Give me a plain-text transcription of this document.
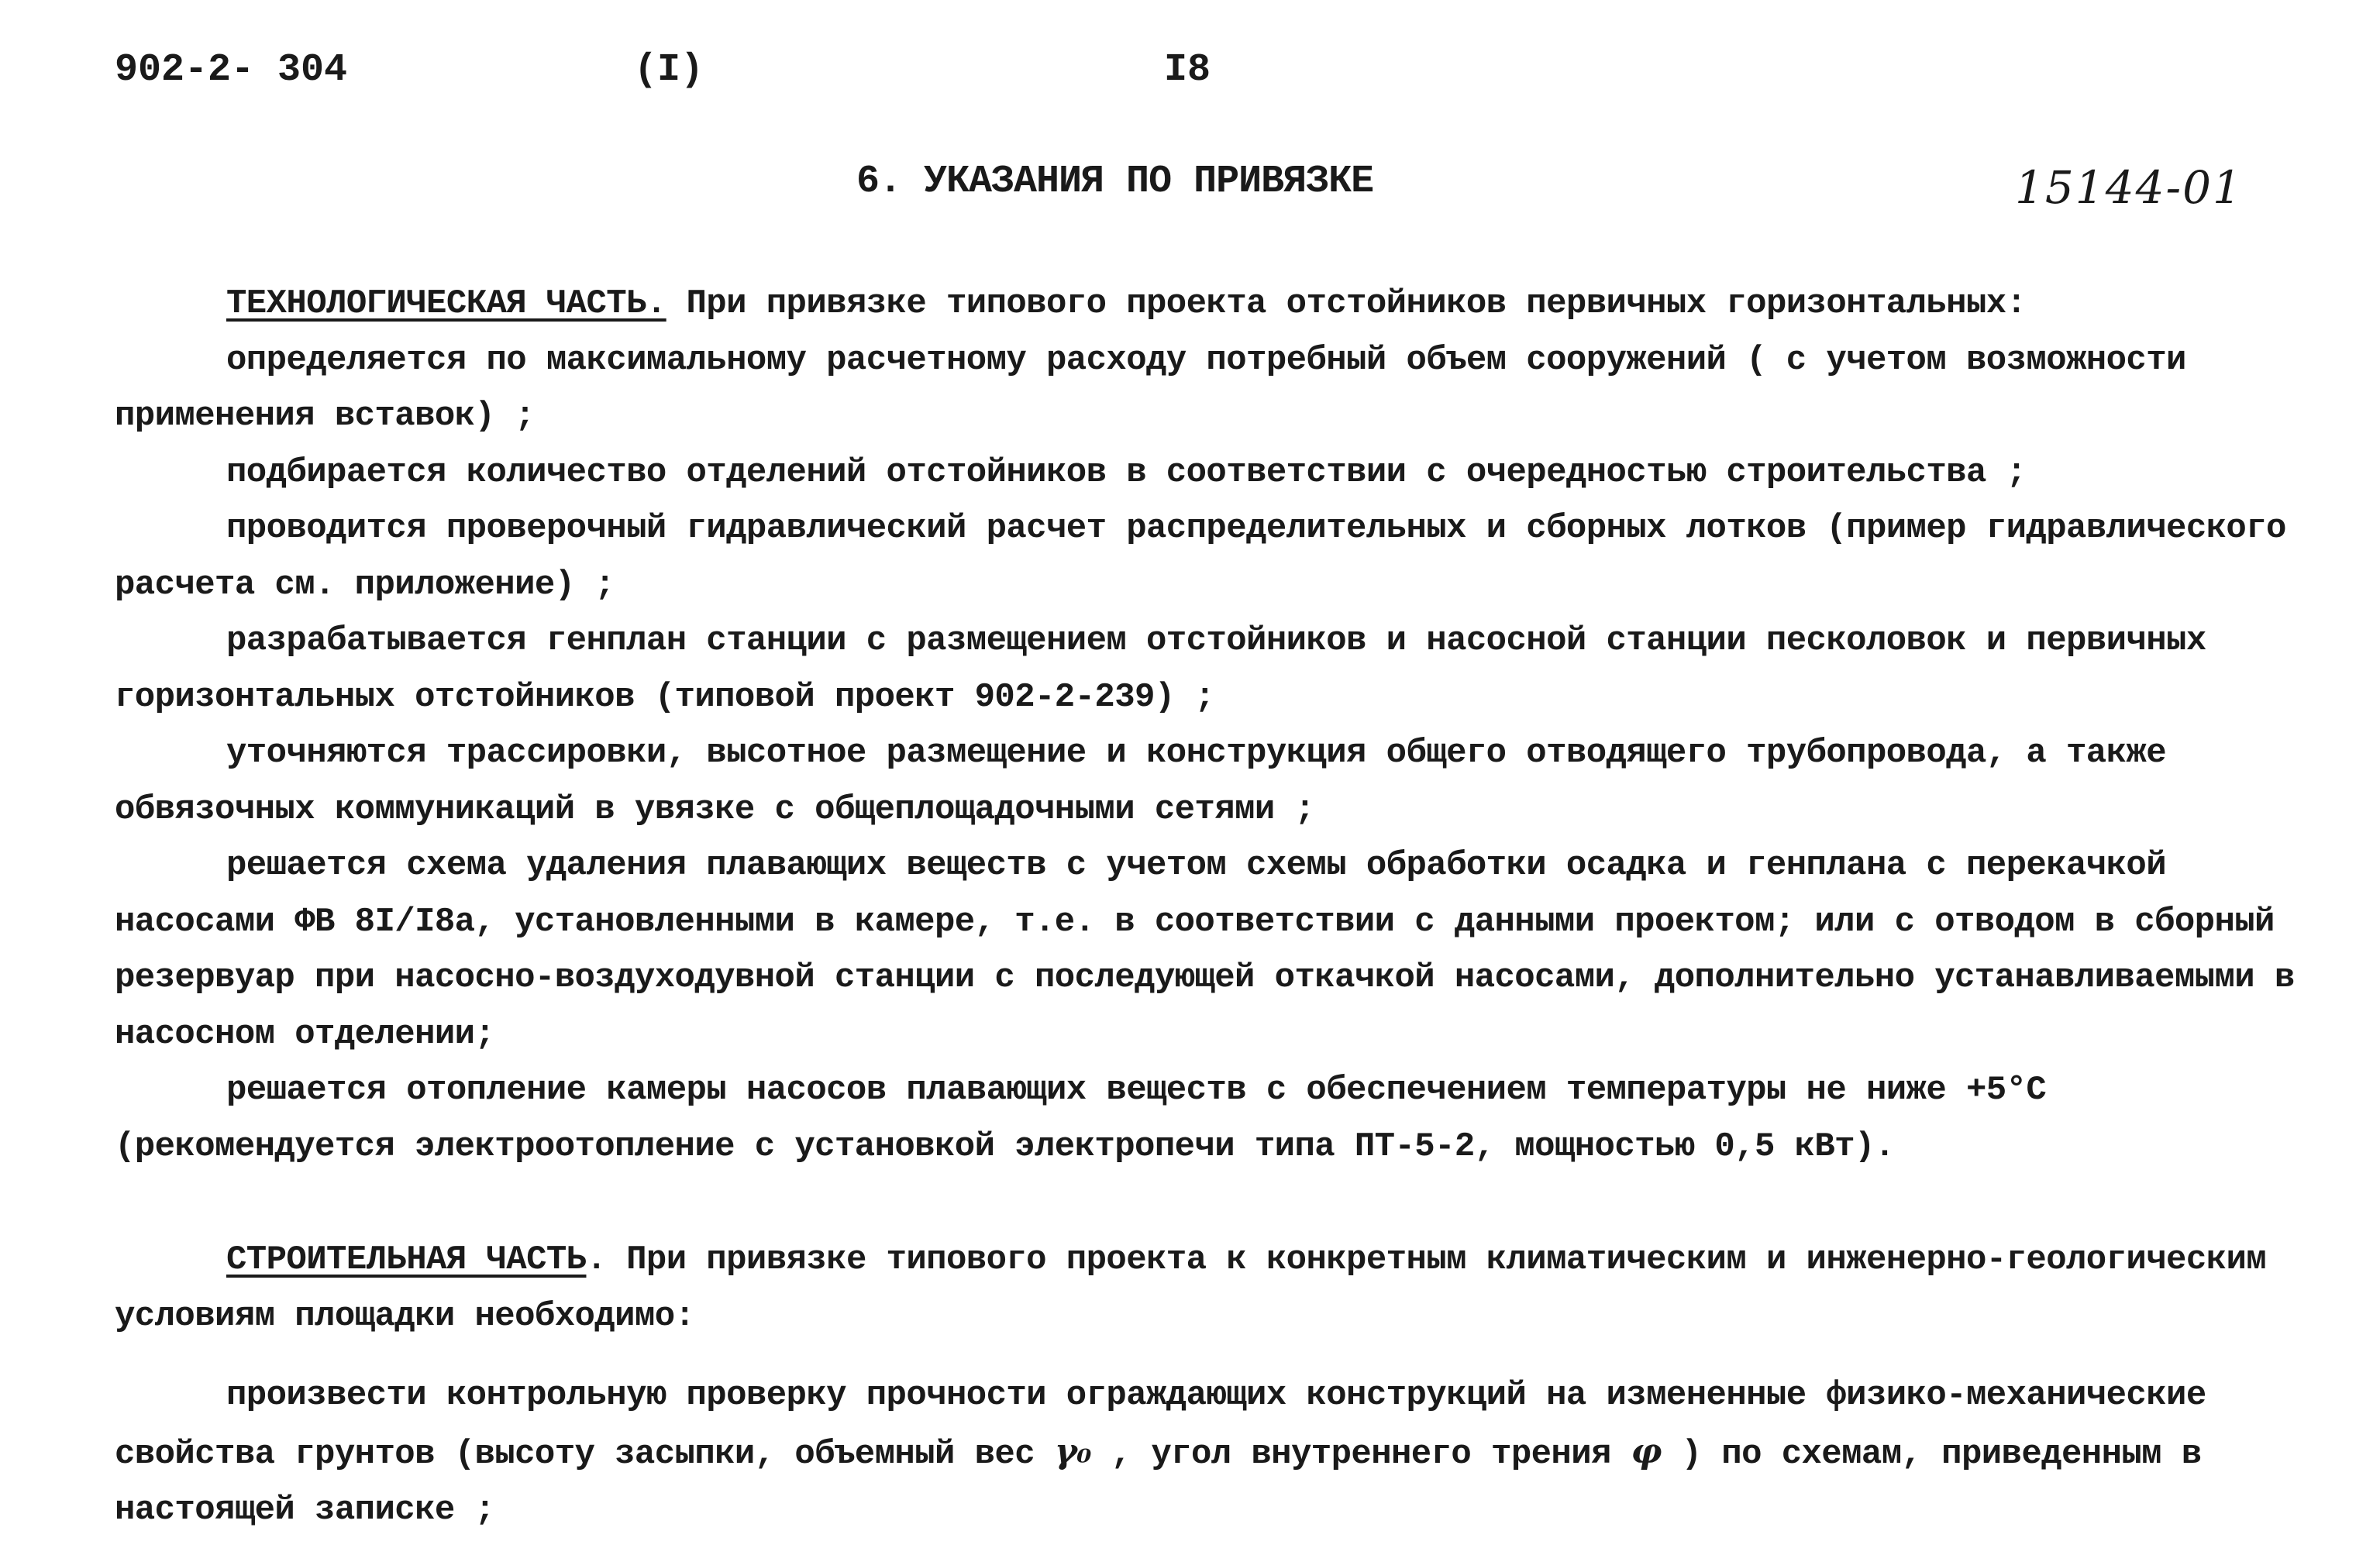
902-2- 304	(I)	I8
6. УКАЗАНИЯ ПО ПРИВЯЗКЕ	15144-01

ТЕХНОЛОГИЧЕСКАЯ ЧАСТЬ. При привязке типового проекта отстойников первичных горизонтальных:

определяется по максимальному расчетному расходу потребный объем сооружений ( с учетом возможности применения вставок) ;

подбирается количество отделений отстойников в соответствии с очередностью строительства ;

проводится проверочный гидравлический расчет распределительных и сборных лотков (пример гидравлического расчета см. приложение) ;

разрабатывается генплан станции с размещением отстойников и насосной станции песколовок и первичных горизонтальных отстойников (типовой проект 902-2-239) ;

уточняются трассировки, высотное размещение и конструкция общего отводящего трубопровода, а также обвязочных коммуникаций в увязке с общеплощадочными сетями ;

решается схема удаления плавающих веществ с учетом схемы обработки осадка и генплана с перекачкой насосами ФВ 8I/I8а, установленными в камере, т.е. в соответствии с данными проектом; или с отводом в сборный резервуар при насосно-воздуходувной станции с последующей откачкой насосами, дополнительно устанавливаемыми в насосном отделении;

решается отопление камеры насосов плавающих веществ с обеспечением температуры не ниже +5°С (рекомендуется электроотопление с установкой электропечи типа ПТ-5-2, мощностью 0,5 кВт).

СТРОИТЕЛЬНАЯ ЧАСТЬ. При привязке типового проекта к конкретным климатическим и инженерно-геологическим условиям площадки необходимо:

произвести контрольную проверку прочности ограждающих конструкций на измененные физико-механические свойства грунтов (высоту засыпки, объемный вес γ₀ , угол внутреннего трения φ ) по схемам, приведенным в настоящей записке ;
